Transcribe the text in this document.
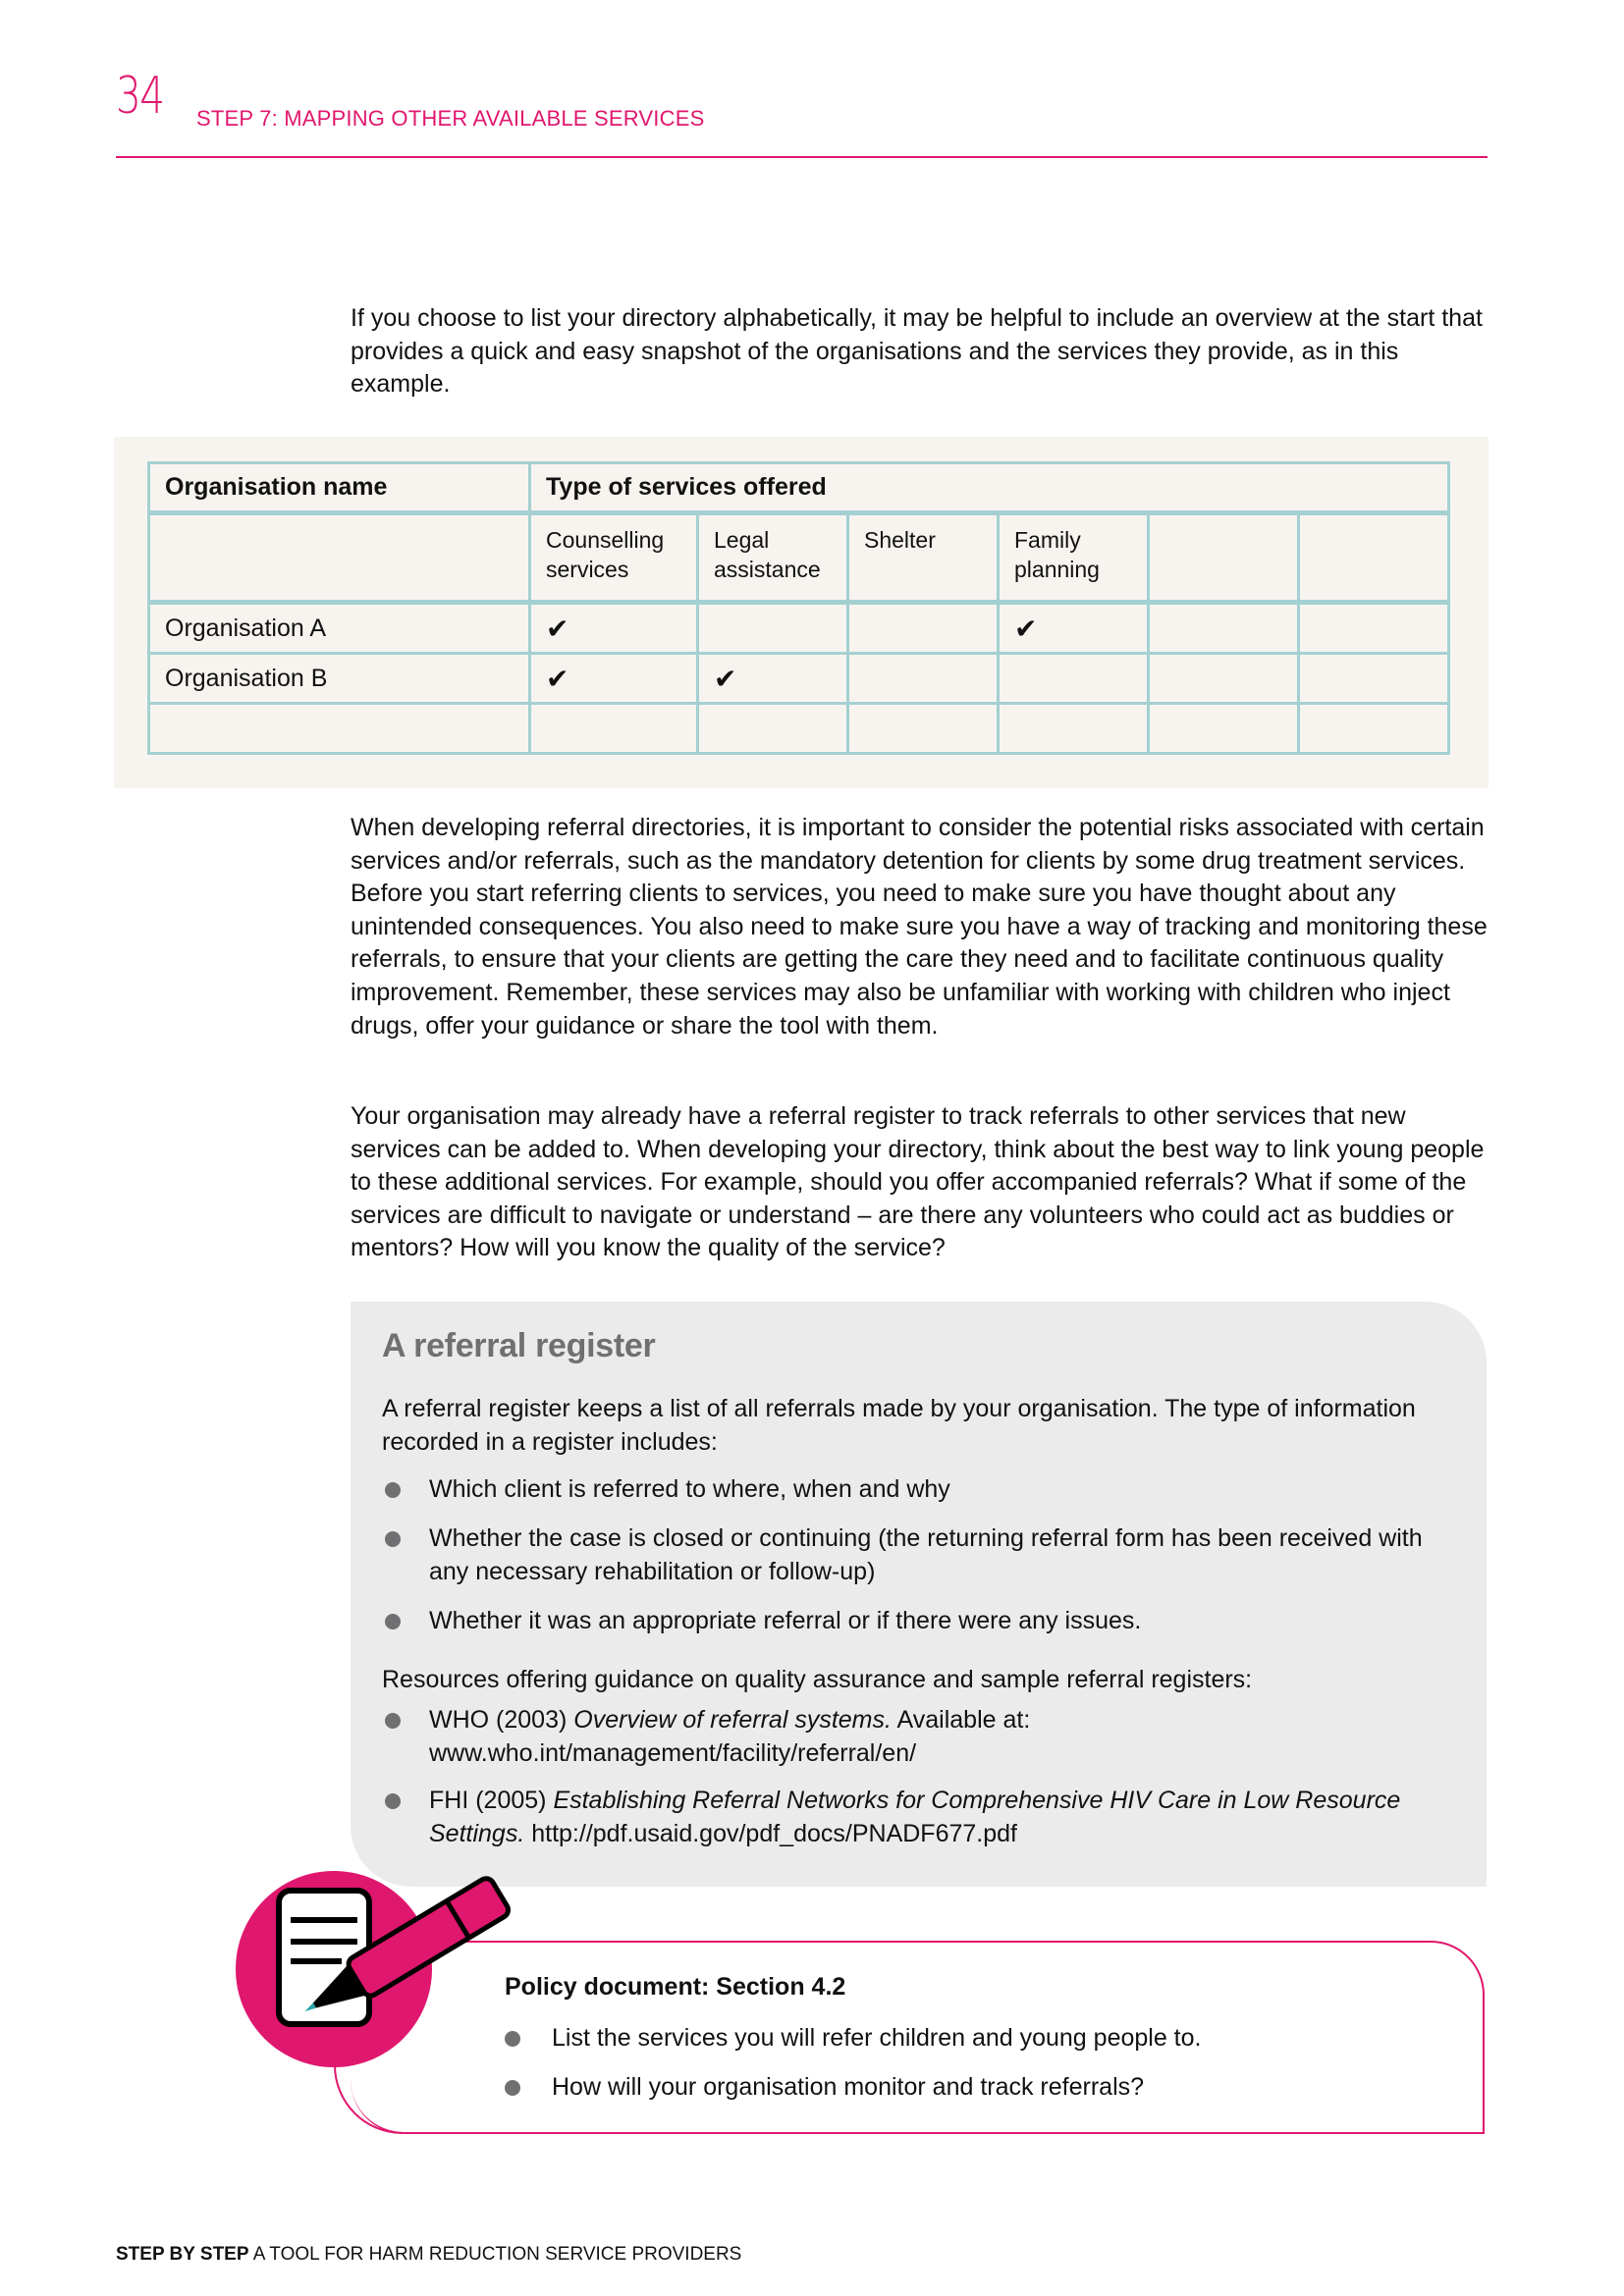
34 STEP 7: MAPPING OTHER AVAILABLE SERVICES
If you choose to list your directory alphabetically, it may be helpful to include an overview at the start that provides a quick and easy snapshot of the organisations and the services they provide, as in this example.
Organisation name	Type of services offered					
	Counselling services	Legal assistance	Shelter	Family planning		
Organisation A	✔			✔		
Organisation B	✔	✔				

When developing referral directories, it is important to consider the potential risks associated with certain services and/or referrals, such as the mandatory detention for clients by some drug treatment services. Before you start referring clients to services, you need to make sure you have thought about any unintended consequences. You also need to make sure you have a way of tracking and monitoring these referrals, to ensure that your clients are getting the care they need and to facilitate continuous quality improvement. Remember, these services may also be unfamiliar with working with children who inject drugs, offer your guidance or share the tool with them.
Your organisation may already have a referral register to track referrals to other services that new services can be added to. When developing your directory, think about the best way to link young people to these additional services. For example, should you offer accompanied referrals? What if some of the services are difficult to navigate or understand – are there any volunteers who could act as buddies or mentors? How will you know the quality of the service?
A referral register
A referral register keeps a list of all referrals made by your organisation. The type of information recorded in a register includes:
Which client is referred to where, when and why
Whether the case is closed or continuing (the returning referral form has been received with any necessary rehabilitation or follow-up)
Whether it was an appropriate referral or if there were any issues.
Resources offering guidance on quality assurance and sample referral registers:
WHO (2003) Overview of referral systems. Available at: www.who.int/management/facility/referral/en/
FHI (2005) Establishing Referral Networks for Comprehensive HIV Care in Low Resource Settings. http://pdf.usaid.gov/pdf_docs/PNADF677.pdf
Policy document: Section 4.2
List the services you will refer children and young people to.
How will your organisation monitor and track referrals?
STEP BY STEP A TOOL FOR HARM REDUCTION SERVICE PROVIDERS
